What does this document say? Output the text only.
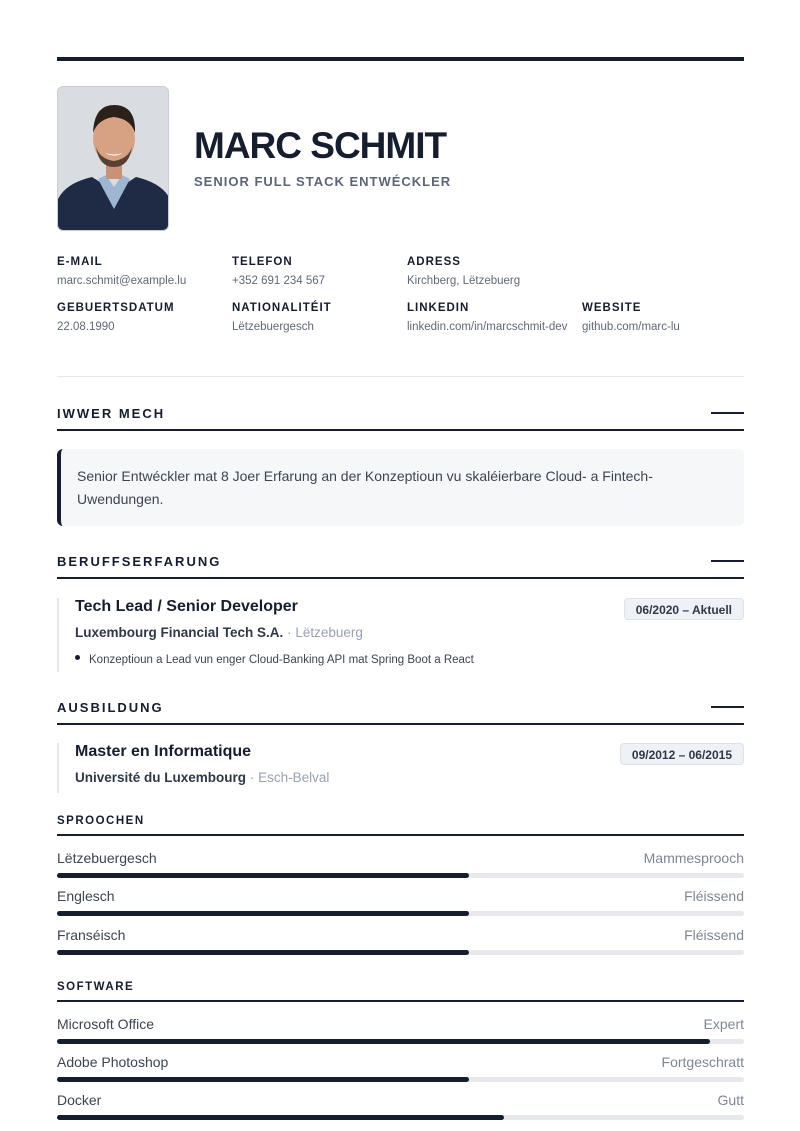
MARC SCHMIT
SENIOR FULL STACK ENTWÉCKLER
E-MAIL
marc.schmit@example.lu
TELEFON
+352 691 234 567
ADRESS
Kirchberg, Lëtzebuerg
GEBUERTSDATUM
22.08.1990
NATIONALITÉIT
Lëtzebuergesch
LINKEDIN
linkedin.com/in/marcschmit-dev
WEBSITE
github.com/marc-lu
IWWER MECH

Senior Entwéckler mat 8 Joer Erfarung an der Konzeptioun vu skaléierbare Cloud- a Fintech-Uwendungen.

BERUFFSERFARUNG
Tech Lead / Senior Developer	06/2020 – Aktuell
Luxembourg Financial Tech S.A. · Lëtzebuerg
Konzeptioun a Lead vun enger Cloud-Banking API mat Spring Boot a React
AUSBILDUNG
Master en Informatique	09/2012 – 06/2015
Université du Luxembourg · Esch-Belval
SPROOCHEN
Lëtzebuergesch	Mammesprooch
Englesch	Fléissend
Franséisch	Fléissend
SOFTWARE
Microsoft Office	Expert
Adobe Photoshop	Fortgeschratt
Docker	Gutt
